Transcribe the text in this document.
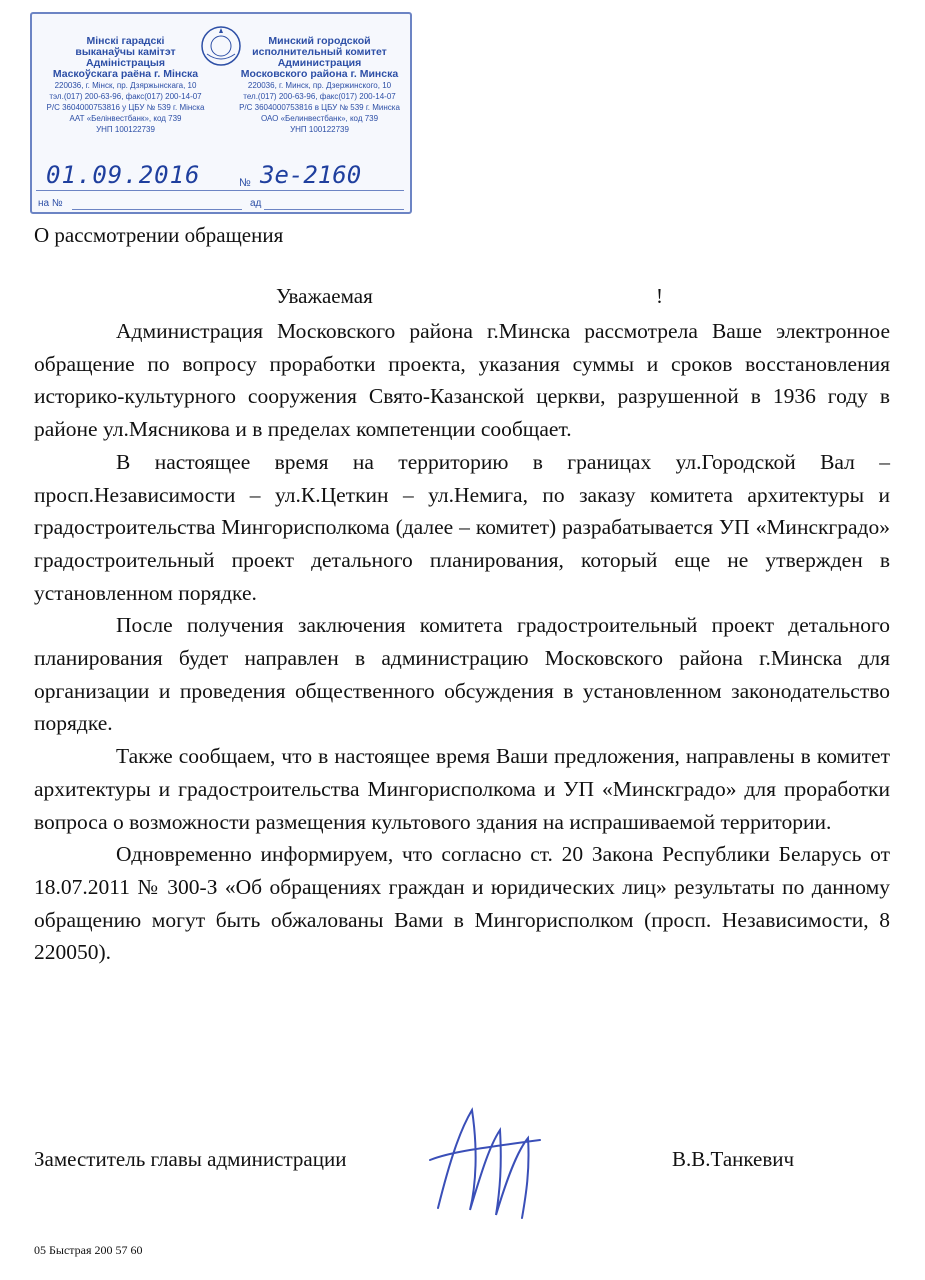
Мінскі гарадскі
выканаўчы камітэт
Адміністрацыя
Маскоўскага раёна г. Мінска
220036, г. Мінск, пр. Дзяржынскага, 10
тэл.(017) 200-63-96, факс(017) 200-14-07
Р/С 3604000753816 у ЦБУ № 539 г. Мінска
ААТ «Белінвестбанк», код 739
УНП 100122739
Минский городской
исполнительный комитет
Администрация
Московского района г. Минска
220036, г. Минск, пр. Дзержинского, 10
тел.(017) 200-63-96, факс(017) 200-14-07
Р/С 3604000753816 в ЦБУ № 539 г. Минска
ОАО «Белинвестбанк», код 739
УНП 100122739
01.09.2016	№ Зе-2160
на №	ад
О рассмотрении обращения
Уважаемая	!

Администрация Московского района г.Минска рассмотрела Ваше электронное обращение по вопросу проработки проекта, указания суммы и сроков восстановления историко-культурного сооружения Свято-Казанской церкви, разрушенной в 1936 году в районе ул.Мясникова и в пределах компетенции сообщает.

В настоящее время на территорию в границах ул.Городской Вал – просп.Независимости – ул.К.Цеткин – ул.Немига, по заказу комитета архитектуры и градостроительства Мингорисполкома (далее – комитет) разрабатывается УП «Минскградо» градостроительный проект детального планирования, который еще не утвержден в установленном порядке.

После получения заключения комитета градостроительный проект детального планирования будет направлен в администрацию Московского района г.Минска для организации и проведения общественного обсуждения в установленном законодательство порядке.

Также сообщаем, что в настоящее время Ваши предложения, направлены в комитет архитектуры и градостроительства Мингорисполкома и УП «Минскградо» для проработки вопроса о возможности размещения культового здания на испрашиваемой территории.

Одновременно информируем, что согласно ст. 20 Закона Республики Беларусь от 18.07.2011 № 300-З «Об обращениях граждан и юридических лиц» результаты по данному обращению могут быть обжалованы Вами в Мингорисполком (просп. Независимости, 8 220050).

Заместитель главы администрации	В.В.Танкевич
05 Быстрая 200 57 60
